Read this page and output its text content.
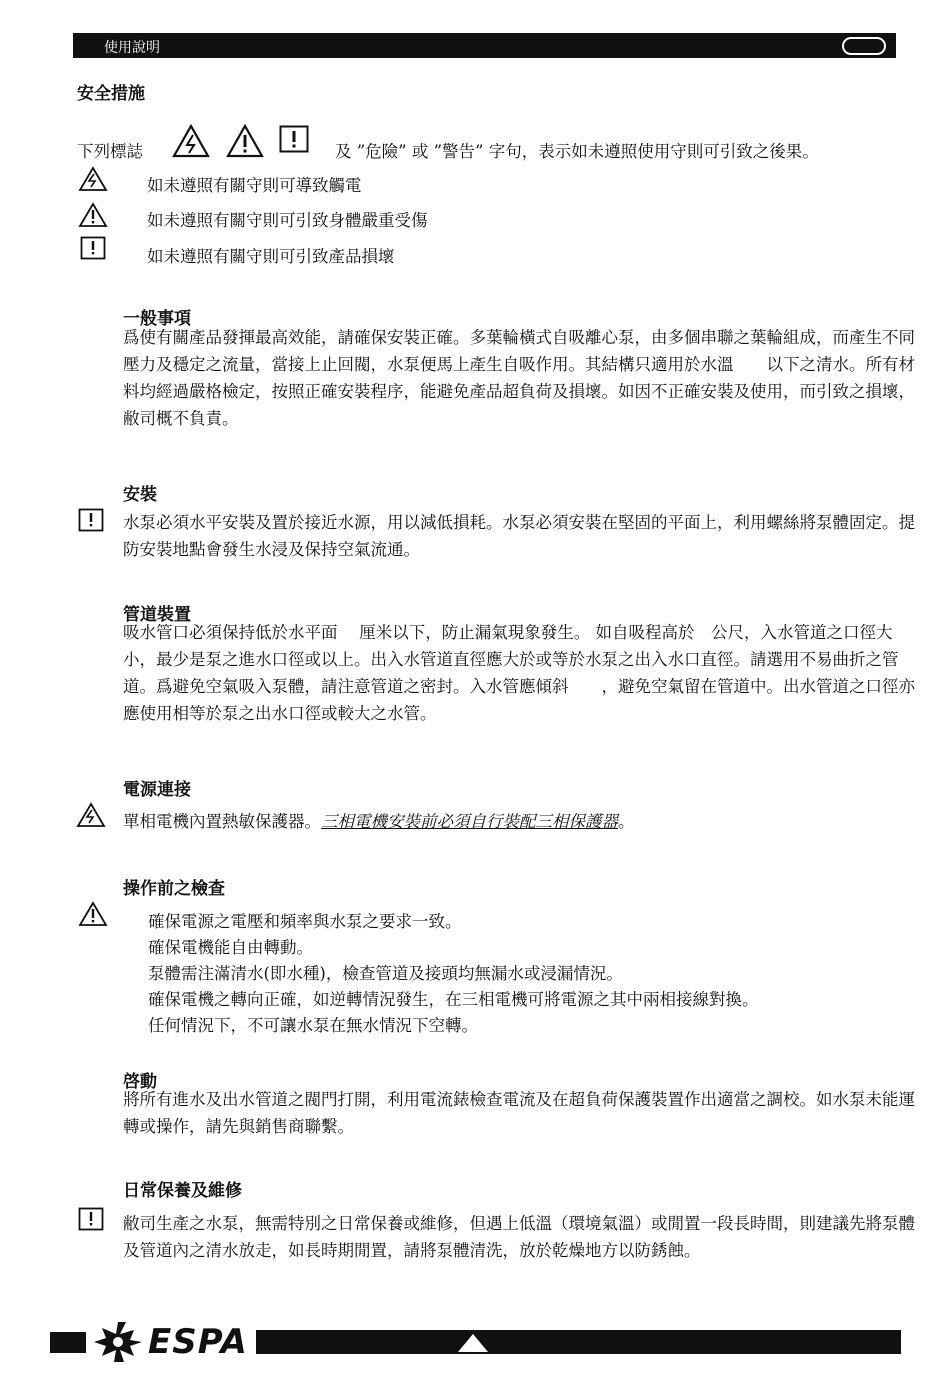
使用說明
安全措施
下列標誌	及 ”危險” 或 ”警告” 字句，表示如未遵照使用守則可引致之後果。
如未遵照有關守則可導致觸電
如未遵照有關守則可引致身體嚴重受傷
如未遵照有關守則可引致產品損壞
一般事項
爲使有關產品發揮最高效能，請確保安裝正確。多葉輪橫式自吸離心泵，由多個串聯之葉輪組成，而產生不同壓力及穩定之流量，當接上止回閥，水泵便馬上產生自吸作用。其結構只適用於水溫　　以下之清水。所有材料均經過嚴格檢定，按照正確安裝程序，能避免產品超負荷及損壞。如因不正確安裝及使用，而引致之損壞，敝司概不負責。
安裝
水泵必須水平安裝及置於接近水源，用以減低損耗。水泵必須安裝在堅固的平面上，利用螺絲將泵體固定。提防安裝地點會發生水浸及保持空氣流通。
管道裝置
吸水管口必須保持低於水平面　 厘米以下，防止漏氣現象發生。 如自吸程高於　公尺，入水管道之口徑大小，最少是泵之進水口徑或以上。出入水管道直徑應大於或等於水泵之出入水口直徑。請選用不易曲折之管道。爲避免空氣吸入泵體，請注意管道之密封。入水管應傾斜　　，避免空氣留在管道中。出水管道之口徑亦應使用相等於泵之出水口徑或較大之水管。
電源連接
單相電機內置熱敏保護器。三相電機安裝前必須自行裝配三相保護器。
操作前之檢查
確保電源之電壓和頻率與水泵之要求一致。
確保電機能自由轉動。
泵體需注滿清水(即水種)，檢查管道及接頭均無漏水或浸漏情況。
確保電機之轉向正確，如逆轉情況發生，在三相電機可將電源之其中兩相接線對換。
任何情況下，不可讓水泵在無水情況下空轉。
啓動
將所有進水及出水管道之閥門打開，利用電流錶檢查電流及在超負荷保護裝置作出適當之調校。如水泵未能運轉或操作，請先與銷售商聯繫。
日常保養及維修
敝司生產之水泵，無需特別之日常保養或維修，但遇上低溫（環境氣溫）或閒置一段長時間，則建議先將泵體及管道內之清水放走，如長時期閒置，請將泵體清洗，放於乾燥地方以防銹蝕。
ESPA
